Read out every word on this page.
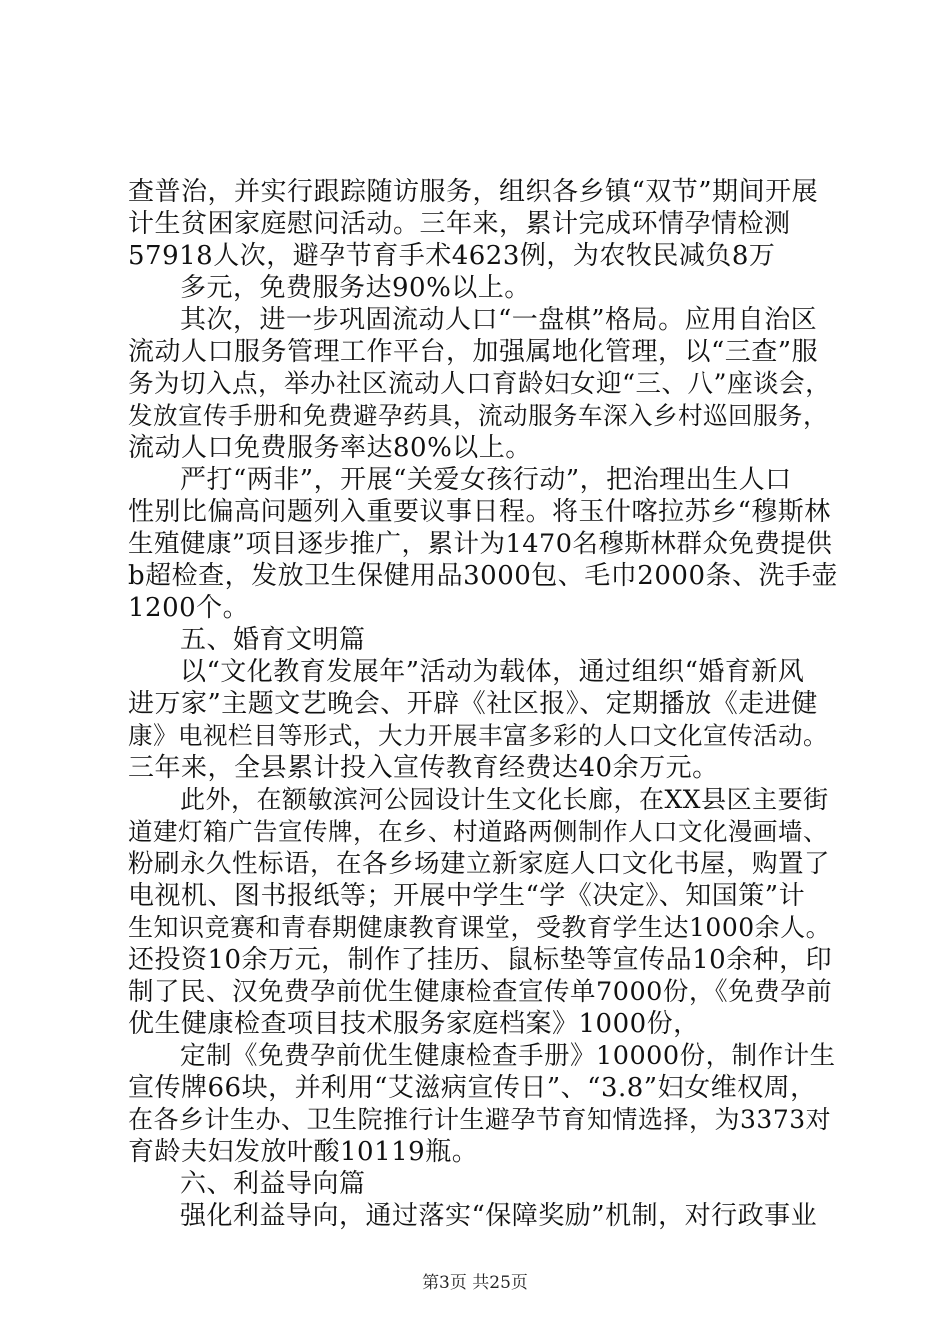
查普治，并实行跟踪随访服务，组织各乡镇“双节”期间开展
计生贫困家庭慰问活动。三年来，累计完成环情孕情检测
57918人次，避孕节育手术4623例，为农牧民减负8万
多元，免费服务达90%以上。
其次，进一步巩固流动人口“一盘棋”格局。应用自治区
流动人口服务管理工作平台，加强属地化管理，以“三查”服
务为切入点，举办社区流动人口育龄妇女迎“三、八”座谈会，
发放宣传手册和免费避孕药具，流动服务车深入乡村巡回服务，
流动人口免费服务率达80%以上。
严打“两非”，开展“关爱女孩行动”，把治理出生人口
性别比偏高问题列入重要议事日程。将玉什喀拉苏乡“穆斯林
生殖健康”项目逐步推广，累计为1470名穆斯林群众免费提供
b超检查，发放卫生保健用品3000包、毛巾2000条、洗手壶
1200个。
五、婚育文明篇
以“文化教育发展年”活动为载体，通过组织“婚育新风
进万家”主题文艺晚会、开辟《社区报》、定期播放《走进健
康》电视栏目等形式，大力开展丰富多彩的人口文化宣传活动。
三年来，全县累计投入宣传教育经费达40余万元。
此外，在额敏滨河公园设计生文化长廊，在XX县区主要街
道建灯箱广告宣传牌，在乡、村道路两侧制作人口文化漫画墙、
粉刷永久性标语，在各乡场建立新家庭人口文化书屋，购置了
电视机、图书报纸等；开展中学生“学《决定》、知国策”计
生知识竞赛和青春期健康教育课堂，受教育学生达1000余人。
还投资10余万元，制作了挂历、鼠标垫等宣传品10余种，印
制了民、汉免费孕前优生健康检查宣传单7000份，《免费孕前
优生健康检查项目技术服务家庭档案》1000份，
定制《免费孕前优生健康检查手册》10000份，制作计生
宣传牌66块，并利用“艾滋病宣传日”、“3.8”妇女维权周，
在各乡计生办、卫生院推行计生避孕节育知情选择，为3373对
育龄夫妇发放叶酸10119瓶。
六、利益导向篇
强化利益导向，通过落实“保障奖励”机制，对行政事业
第3页 共25页
